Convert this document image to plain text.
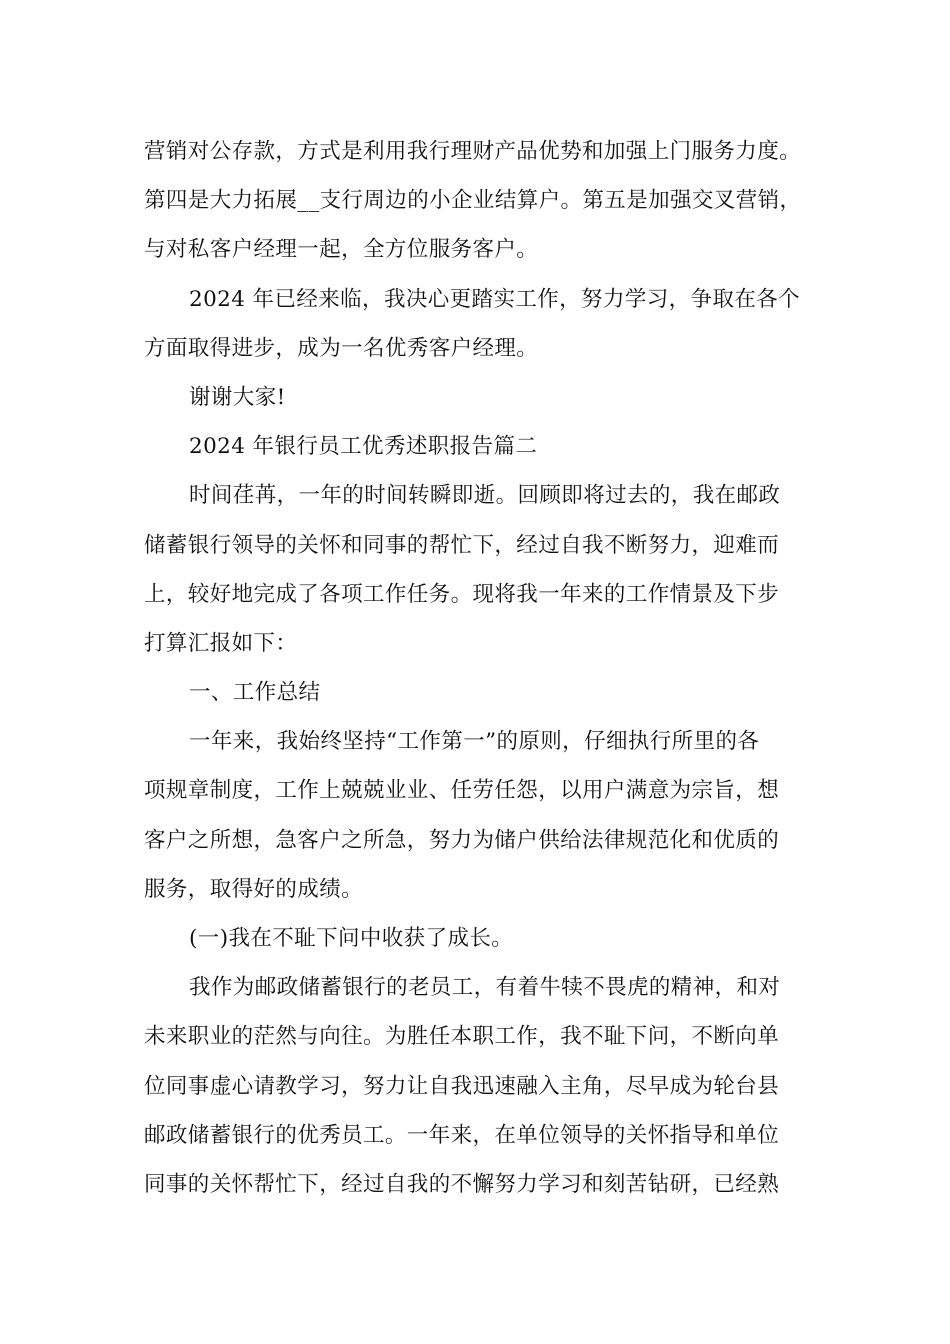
营销对公存款，方式是利用我行理财产品优势和加强上门服务力度。
第四是大力拓展__支行周边的小企业结算户。第五是加强交叉营销，
与对私客户经理一起，全方位服务客户。
2024 年已经来临，我决心更踏实工作，努力学习，争取在各个
方面取得进步，成为一名优秀客户经理。
谢谢大家!
2024 年银行员工优秀述职报告篇二
时间荏苒，一年的时间转瞬即逝。回顾即将过去的，我在邮政
储蓄银行领导的关怀和同事的帮忙下，经过自我不断努力，迎难而
上，较好地完成了各项工作任务。现将我一年来的工作情景及下步
打算汇报如下：
一、工作总结
一年来，我始终坚持“工作第一”的原则，仔细执行所里的各
项规章制度，工作上兢兢业业、任劳任怨，以用户满意为宗旨，想
客户之所想，急客户之所急，努力为储户供给法律规范化和优质的
服务，取得好的成绩。
(一)我在不耻下问中收获了成长。
我作为邮政储蓄银行的老员工，有着牛犊不畏虎的精神，和对
未来职业的茫然与向往。为胜任本职工作，我不耻下问，不断向单
位同事虚心请教学习，努力让自我迅速融入主角，尽早成为轮台县
邮政储蓄银行的优秀员工。一年来，在单位领导的关怀指导和单位
同事的关怀帮忙下，经过自我的不懈努力学习和刻苦钻研，已经熟
